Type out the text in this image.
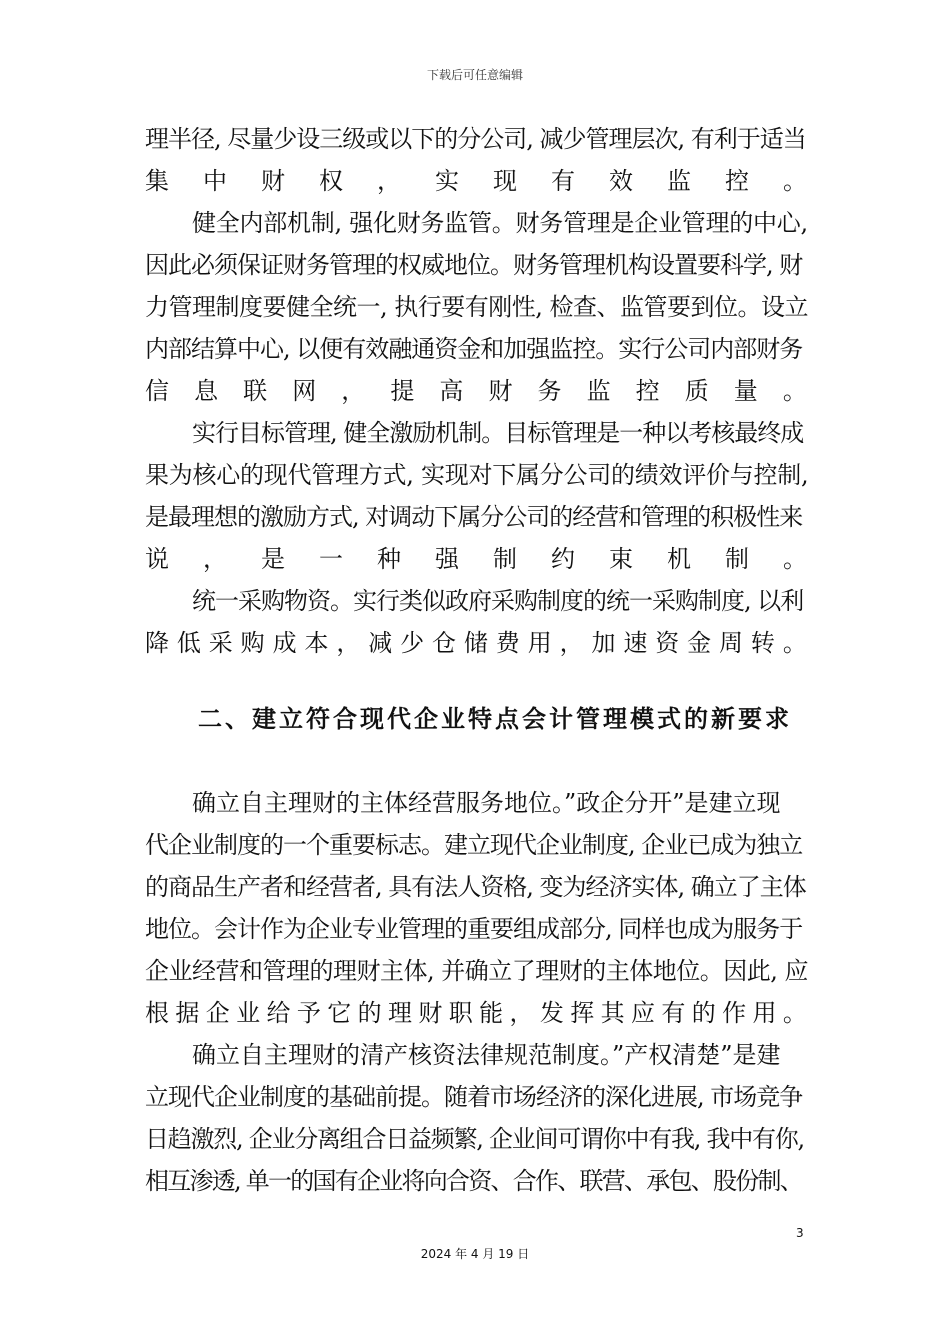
下载后可任意编辑
理半径, 尽量少设三级或以下的分公司, 减少管理层次, 有利于适当
集 中 财 权 ， 实 现 有 效 监 控 。
健全内部机制, 强化财务监管。财务管理是企业管理的中心,
因此必须保证财务管理的权威地位。财务管理机构设置要科学, 财
力管理制度要健全统一, 执行要有刚性, 检查、监管要到位。设立
内部结算中心, 以便有效融通资金和加强监控。实行公司内部财务
信 息 联 网 ， 提 高 财 务 监 控 质 量 。
实行目标管理, 健全激励机制。目标管理是一种以考核最终成
果为核心的现代管理方式, 实现对下属分公司的绩效评价与控制,
是最理想的激励方式, 对调动下属分公司的经营和管理的积极性来
说 ， 是 一 种 强 制 约 束 机 制 。
统一采购物资。实行类似政府采购制度的统一采购制度, 以利
降 低 采 购 成 本 ， 减 少 仓 储 费 用 ， 加 速 资 金 周 转 。
二、建立符合现代企业特点会计管理模式的新要求
确立自主理财的主体经营服务地位。”政企分开”是建立现
代企业制度的一个重要标志。建立现代企业制度, 企业已成为独立
的商品生产者和经营者, 具有法人资格, 变为经济实体, 确立了主体
地位。会计作为企业专业管理的重要组成部分, 同样也成为服务于
企业经营和管理的理财主体, 并确立了理财的主体地位。因此, 应
根 据 企 业 给 予 它 的 理 财 职 能 ， 发 挥 其 应 有 的 作 用 。
确立自主理财的清产核资法律规范制度。”产权清楚”是建
立现代企业制度的基础前提。随着市场经济的深化进展, 市场竞争
日趋激烈, 企业分离组合日益频繁, 企业间可谓你中有我, 我中有你,
相互渗透, 单一的国有企业将向合资、合作、联营、承包、股份制、
3
2024 年 4 月 19 日
